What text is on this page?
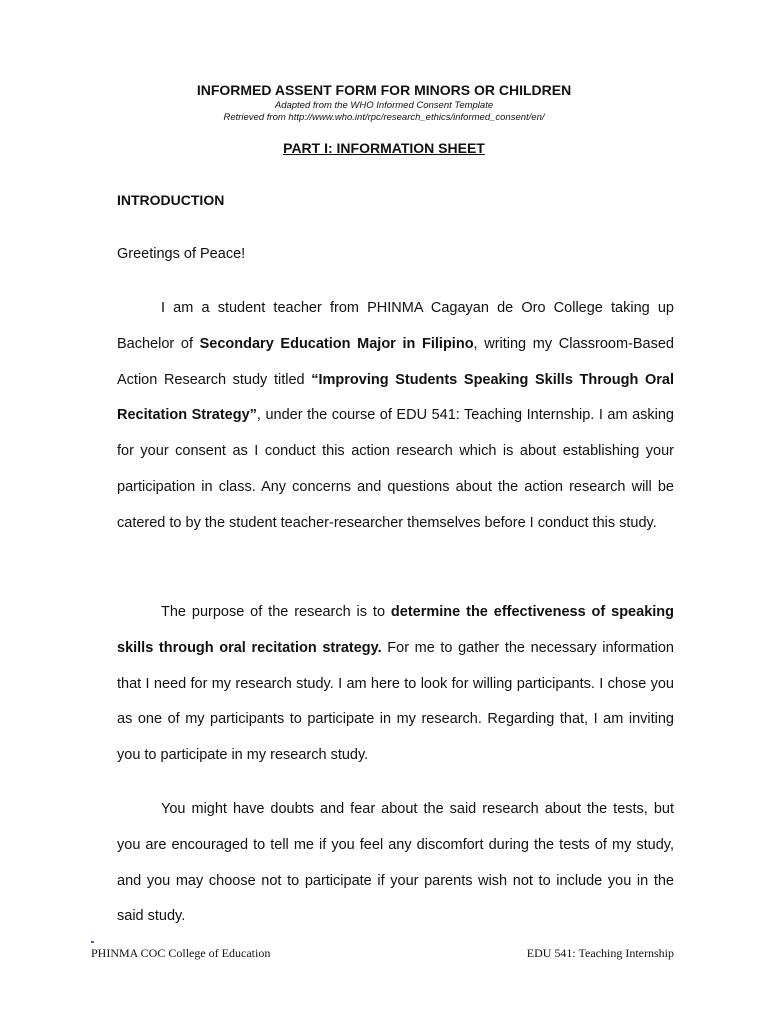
INFORMED ASSENT FORM FOR MINORS OR CHILDREN
Adapted from the WHO Informed Consent Template
Retrieved from http://www.who.int/rpc/research_ethics/informed_consent/en/
PART I: INFORMATION SHEET
INTRODUCTION
Greetings of Peace!

I am a student teacher from PHINMA Cagayan de Oro College taking up Bachelor of Secondary Education Major in Filipino, writing my Classroom-Based Action Research study titled “Improving Students Speaking Skills Through Oral Recitation Strategy”, under the course of EDU 541: Teaching Internship. I am asking for your consent as I conduct this action research which is about establishing your participation in class. Any concerns and questions about the action research will be catered to by the student teacher-researcher themselves before I conduct this study.

The purpose of the research is to determine the effectiveness of speaking skills through oral recitation strategy. For me to gather the necessary information that I need for my research study. I am here to look for willing participants. I chose you as one of my participants to participate in my research. Regarding that, I am inviting you to participate in my research study.

You might have doubts and fear about the said research about the tests, but you are encouraged to tell me if you feel any discomfort during the tests of my study, and you may choose not to participate if your parents wish not to include you in the said study.

PHINMA COC College of Education	EDU 541: Teaching Internship
